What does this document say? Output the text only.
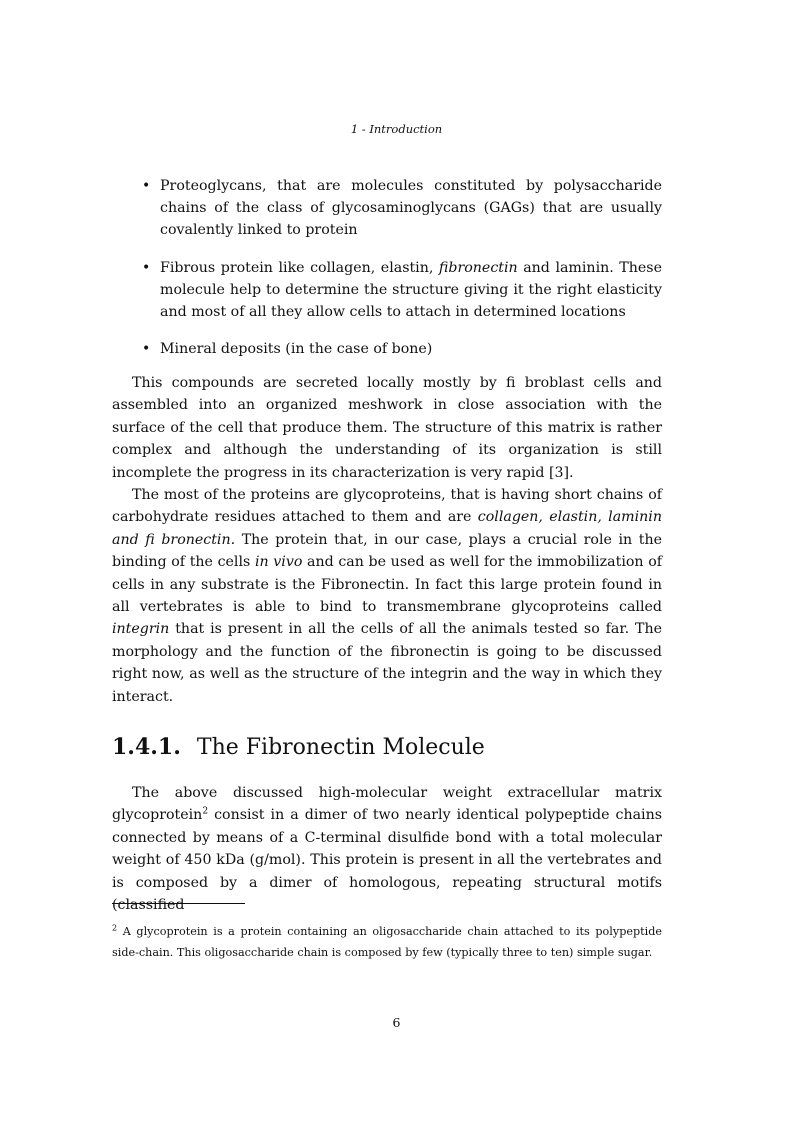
1 - Introduction
• Proteoglycans, that are molecules constituted by polysaccharide chains of the class of glycosaminoglycans (GAGs) that are usually covalently linked to protein
• Fibrous protein like collagen, elastin, fibronectin and laminin. These molecule help to determine the structure giving it the right elasticity and most of all they allow cells to attach in determined locations
• Mineral deposits (in the case of bone)

This compounds are secreted locally mostly by fi broblast cells and assembled into an organized meshwork in close association with the surface of the cell that produce them. The structure of this matrix is rather complex and although the understanding of its organization is still incomplete the progress in its characterization is very rapid [3].

The most of the proteins are glycoproteins, that is having short chains of carbohydrate residues attached to them and are collagen, elastin, laminin and fi bronectin. The protein that, in our case, plays a crucial role in the binding of the cells in vivo and can be used as well for the immobilization of cells in any substrate is the Fibronectin. In fact this large protein found in all vertebrates is able to bind to transmembrane glycoproteins called integrin that is present in all the cells of all the animals tested so far. The morphology and the function of the fibronectin is going to be discussed right now, as well as the structure of the integrin and the way in which they interact.

1.4.1. The Fibronectin Molecule

The above discussed high-molecular weight extracellular matrix glycoprotein$^2$ consist in a dimer of two nearly identical polypeptide chains connected by means of a C-terminal disulfide bond with a total molecular weight of 450 kDa (g/mol). This protein is present in all the vertebrates and is composed by a dimer of homologous, repeating structural motifs (classified

$^2$ A glycoprotein is a protein containing an oligosaccharide chain attached to its polypeptide side-chain. This oligosaccharide chain is composed by few (typically three to ten) simple sugar.
6
